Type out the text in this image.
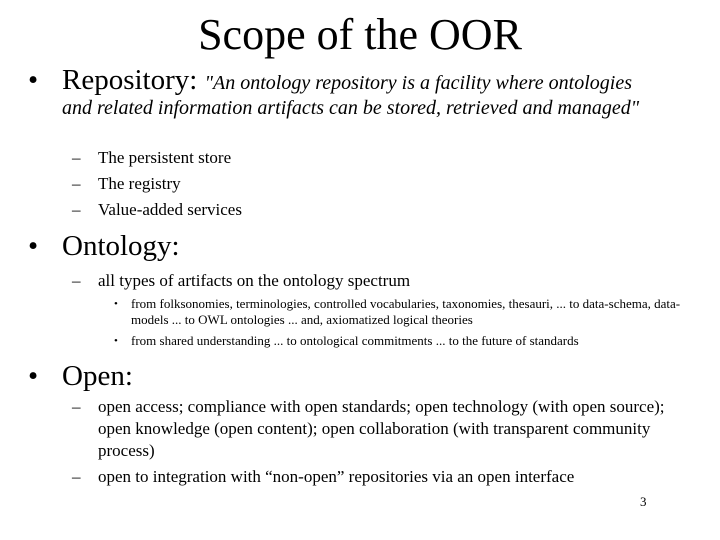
Scope of the OOR
• Repository: "An ontology repository is a facility where ontologies
and related information artifacts can be stored, retrieved and managed"
– The persistent store
– The registry
– Value-added services
• Ontology:
– all types of artifacts on the ontology spectrum
• from folksonomies, terminologies, controlled vocabularies, taxonomies, thesauri, ... to data-schema, data-models ... to OWL ontologies ... and, axiomatized logical theories
• from shared understanding ... to ontological commitments ... to the future of standards
• Open:
– open access; compliance with open standards; open technology (with open source); open knowledge (open content); open collaboration (with transparent community process)
– open to integration with “non-open” repositories via an open interface
3
